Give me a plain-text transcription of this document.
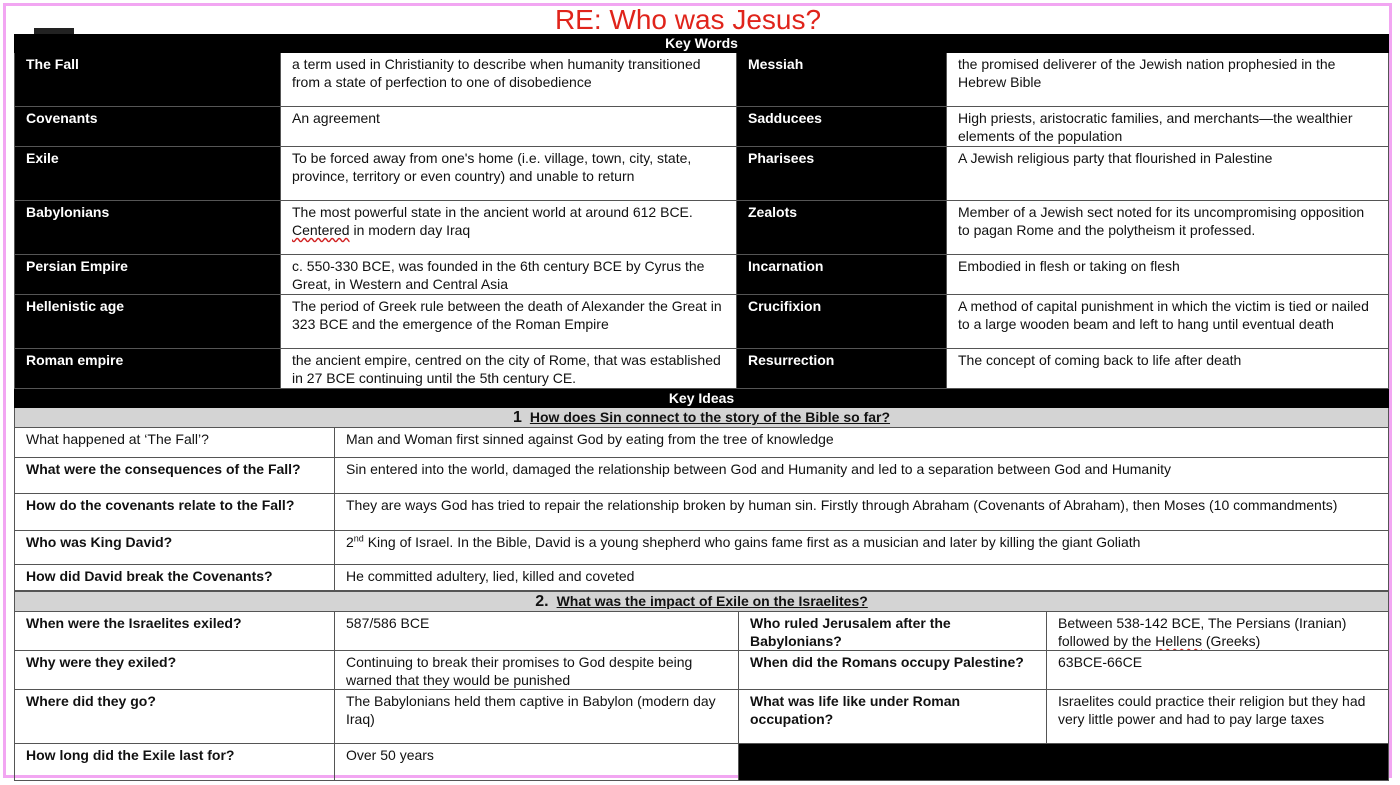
RE: Who was Jesus?
Key Words			
The Fall	a term used in Christianity to describe when humanity transitioned from a state of perfection to one of disobedience	Messiah	the promised deliverer of the Jewish nation prophesied in the Hebrew Bible
Covenants	An agreement	Sadducees	High priests, aristocratic families, and merchants—the wealthier elements of the population
Exile	To be forced away from one's home (i.e. village, town, city, state, province, territory or even country) and unable to return	Pharisees	A Jewish religious party that flourished in Palestine
Babylonians	The most powerful state in the ancient world at around 612 BCE. Centered in modern day Iraq	Zealots	Member of a Jewish sect noted for its uncompromising opposition to pagan Rome and the polytheism it professed.
Persian Empire	c. 550-330 BCE, was founded in the 6th century BCE by Cyrus the Great, in Western and Central Asia	Incarnation	Embodied in flesh or taking on flesh
Hellenistic age	The period of Greek rule between the death of Alexander the Great in 323 BCE and the emergence of the Roman Empire	Crucifixion	A method of capital punishment in which the victim is tied or nailed to a large wooden beam and left to hang until eventual death
Roman empire	the ancient empire, centred on the city of Rome, that was established in 27 BCE continuing until the 5th century CE.	Resurrection	The concept of coming back to life after death
Key Ideas	
1 How does Sin connect to the story of the Bible so far?	
What happened at ‘The Fall’?	Man and Woman first sinned against God by eating from the tree of knowledge
What were the consequences of the Fall?	Sin entered into the world, damaged the relationship between God and Humanity and led to a separation between God and Humanity
How do the covenants relate to the Fall?	They are ways God has tried to repair the relationship broken by human sin. Firstly through Abraham (Covenants of Abraham), then Moses (10 commandments)
Who was King David?	2nd King of Israel. In the Bible, David is a young shepherd who gains fame first as a musician and later by killing the giant Goliath
How did David break the Covenants?	He committed adultery, lied, killed and coveted
2. What was the impact of Exile on the Israelites?			
When were the Israelites exiled?	587/586 BCE	Who ruled Jerusalem after the Babylonians?	Between 538-142 BCE, The Persians (Iranian) followed by the Hellens (Greeks)
Why were they exiled?	Continuing to break their promises to God despite being warned that they would be punished	When did the Romans occupy Palestine?	63BCE-66CE
Where did they go?	The Babylonians held them captive in Babylon (modern day Iraq)	What was life like under Roman occupation?	Israelites could practice their religion but they had very little power and had to pay large taxes
How long did the Exile last for?	Over 50 years		
